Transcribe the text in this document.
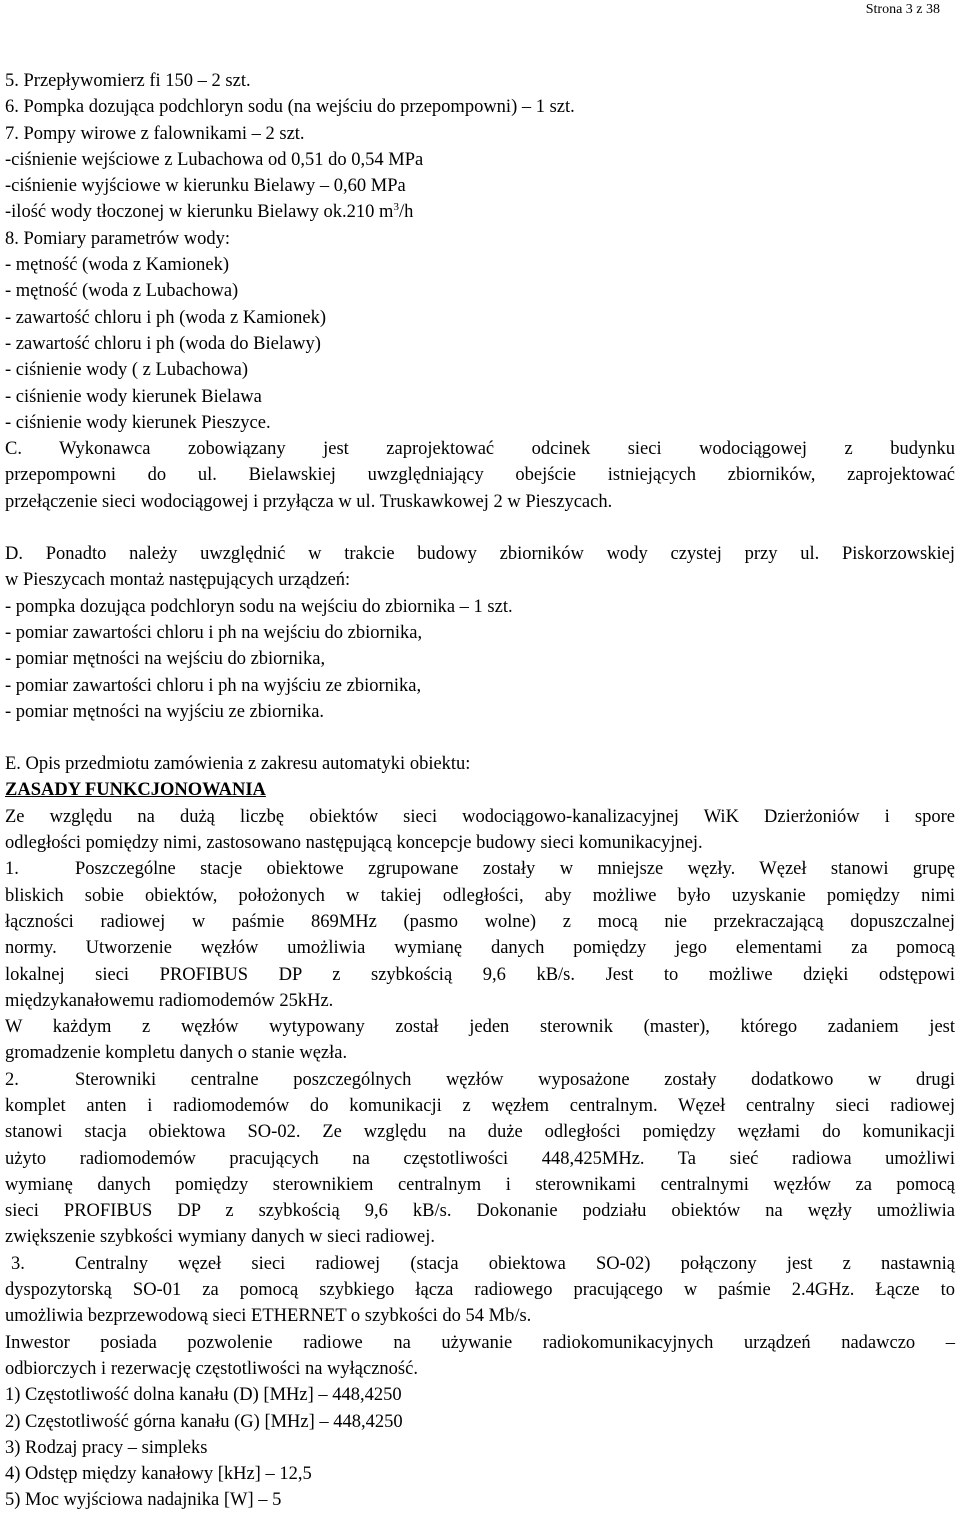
Strona 3 z 38
5. Przepływomierz fi 150 – 2 szt.
6. Pompka dozująca podchloryn sodu (na wejściu do przepompowni) – 1 szt.
7. Pompy wirowe z falownikami – 2 szt.
-ciśnienie wejściowe z Lubachowa od 0,51 do 0,54 MPa
-ciśnienie wyjściowe w kierunku Bielawy – 0,60 MPa
-ilość wody tłoczonej w kierunku Bielawy ok.210 $m^3/h$
8. Pomiary parametrów wody:
- mętność (woda z Kamionek)
- mętność (woda z Lubachowa)
- zawartość chloru i ph (woda z Kamionek)
- zawartość chloru i ph (woda do Bielawy)
- ciśnienie wody ( z Lubachowa)
- ciśnienie wody kierunek Bielawa
- ciśnienie wody kierunek Pieszyce.
C. Wykonawca zobowiązany jest zaprojektować odcinek sieci wodociągowej z budynku
przepompowni do ul. Bielawskiej uwzględniający obejście istniejących zbiorników, zaprojektować
przełączenie sieci wodociągowej i przyłącza w ul. Truskawkowej 2 w Pieszycach.
D. Ponadto należy uwzględnić w trakcie budowy zbiorników wody czystej przy ul. Piskorzowskiej
w Pieszycach montaż następujących urządzeń:
- pompka dozująca podchloryn sodu na wejściu do zbiornika – 1 szt.
- pomiar zawartości chloru i ph na wejściu do zbiornika,
- pomiar mętności na wejściu do zbiornika,
- pomiar zawartości chloru i ph na wyjściu ze zbiornika,
- pomiar mętności na wyjściu ze zbiornika.
E. Opis przedmiotu zamówienia z zakresu automatyki obiektu:
ZASADY FUNKCJONOWANIA
Ze względu na dużą liczbę obiektów sieci wodociągowo-kanalizacyjnej WiK Dzierżoniów i spore
odległości pomiędzy nimi, zastosowano następującą koncepcje budowy sieci komunikacyjnej.
1.	Poszczególne stacje obiektowe zgrupowane zostały w mniejsze węzły. Węzeł stanowi grupę
bliskich sobie obiektów, położonych w takiej odległości, aby możliwe było uzyskanie pomiędzy nimi
łączności radiowej w paśmie 869MHz (pasmo wolne) z mocą nie przekraczającą dopuszczalnej
normy. Utworzenie węzłów umożliwia wymianę danych pomiędzy jego elementami za pomocą
lokalnej sieci PROFIBUS DP z szybkością 9,6 kB/s. Jest to możliwe dzięki odstępowi
międzykanałowemu radiomodemów 25kHz.
W każdym z węzłów wytypowany został jeden sterownik (master), którego zadaniem jest
gromadzenie kompletu danych o stanie węzła.
2.	Sterowniki centralne poszczególnych węzłów wyposażone zostały dodatkowo w drugi
komplet anten i radiomodemów do komunikacji z węzłem centralnym. Węzeł centralny sieci radiowej
stanowi stacja obiektowa SO-02. Ze względu na duże odległości pomiędzy węzłami do komunikacji
użyto radiomodemów pracujących na częstotliwości 448,425MHz. Ta sieć radiowa umożliwi
wymianę danych pomiędzy sterownikiem centralnym i sterownikami centralnymi węzłów za pomocą
sieci PROFIBUS DP z szybkością 9,6 kB/s. Dokonanie podziału obiektów na węzły umożliwia
zwiększenie szybkości wymiany danych w sieci radiowej.
3.	Centralny węzeł sieci radiowej (stacja obiektowa SO-02) połączony jest z nastawnią
dyspozytorską SO-01 za pomocą szybkiego łącza radiowego pracującego w paśmie 2.4GHz. Łącze to
umożliwia bezprzewodową sieci ETHERNET o szybkości do 54 Mb/s.
Inwestor posiada pozwolenie radiowe na używanie radiokomunikacyjnych urządzeń nadawczo –
odbiorczych i rezerwację częstotliwości na wyłączność.
1) Częstotliwość dolna kanału (D) [MHz] – 448,4250
2) Częstotliwość górna kanału (G) [MHz] – 448,4250
3) Rodzaj pracy – simpleks
4) Odstęp między kanałowy [kHz] – 12,5
5) Moc wyjściowa nadajnika [W] – 5
